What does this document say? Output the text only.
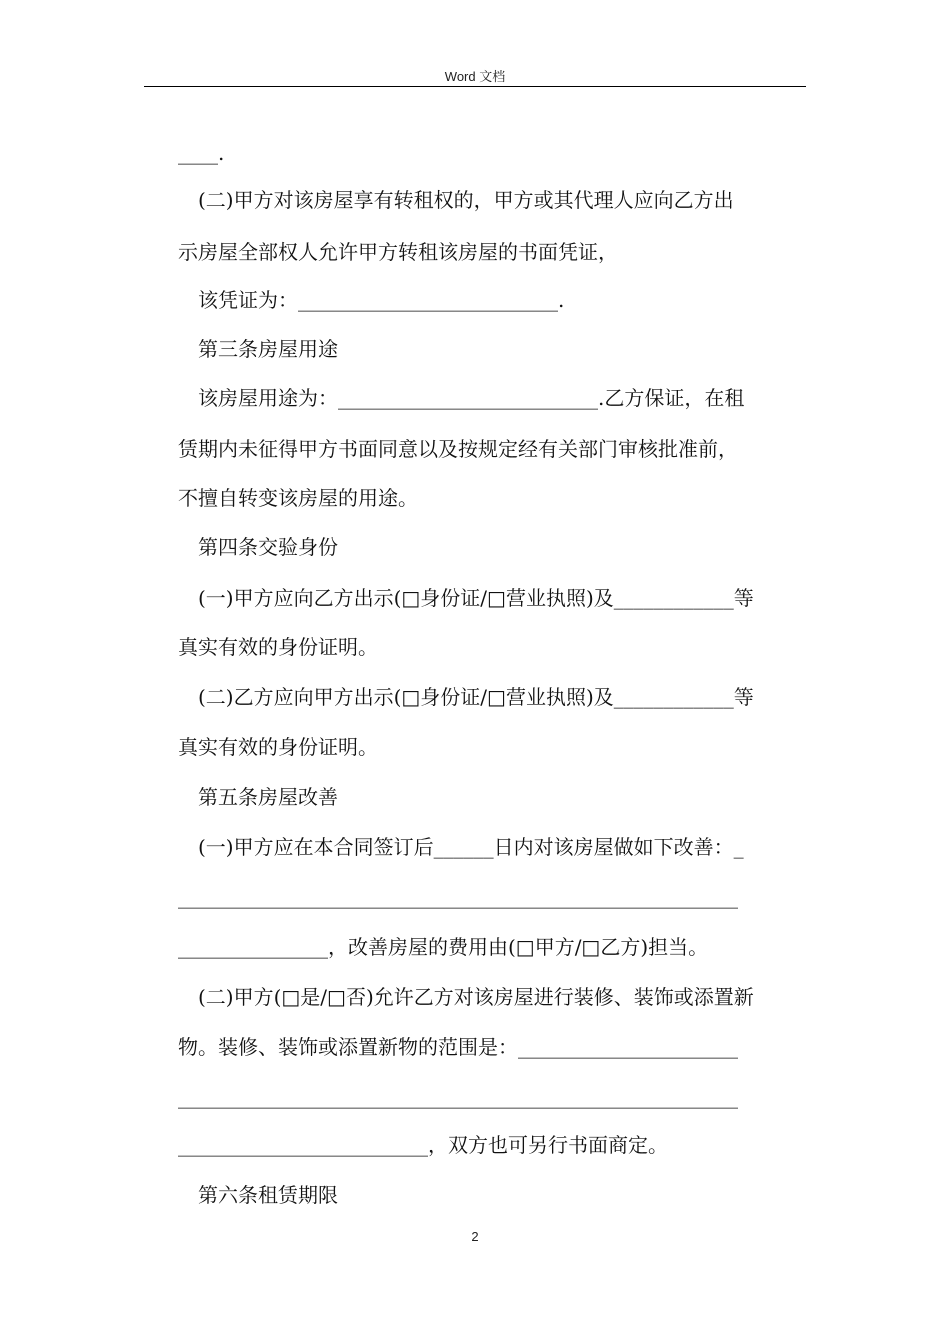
Word 文档
____.
(二)甲方对该房屋享有转租权的，甲方或其代理人应向乙方出
示房屋全部权人允许甲方转租该房屋的书面凭证，
该凭证为：__________________________.
第三条房屋用途
该房屋用途为：__________________________.乙方保证，在租
赁期内未征得甲方书面同意以及按规定经有关部门审核批准前，
不擅自转变该房屋的用途。
第四条交验身份
(一)甲方应向乙方出示(□身份证/□营业执照)及____________等
真实有效的身份证明。
(二)乙方应向甲方出示(□身份证/□营业执照)及____________等
真实有效的身份证明。
第五条房屋改善
(一)甲方应在本合同签订后______日内对该房屋做如下改善：_
________________________________________________________
_______________，改善房屋的费用由(□甲方/□乙方)担当。
(二)甲方(□是/□否)允许乙方对该房屋进行装修、装饰或添置新
物。装修、装饰或添置新物的范围是：______________________
________________________________________________________
_________________________，双方也可另行书面商定。
第六条租赁期限
2
